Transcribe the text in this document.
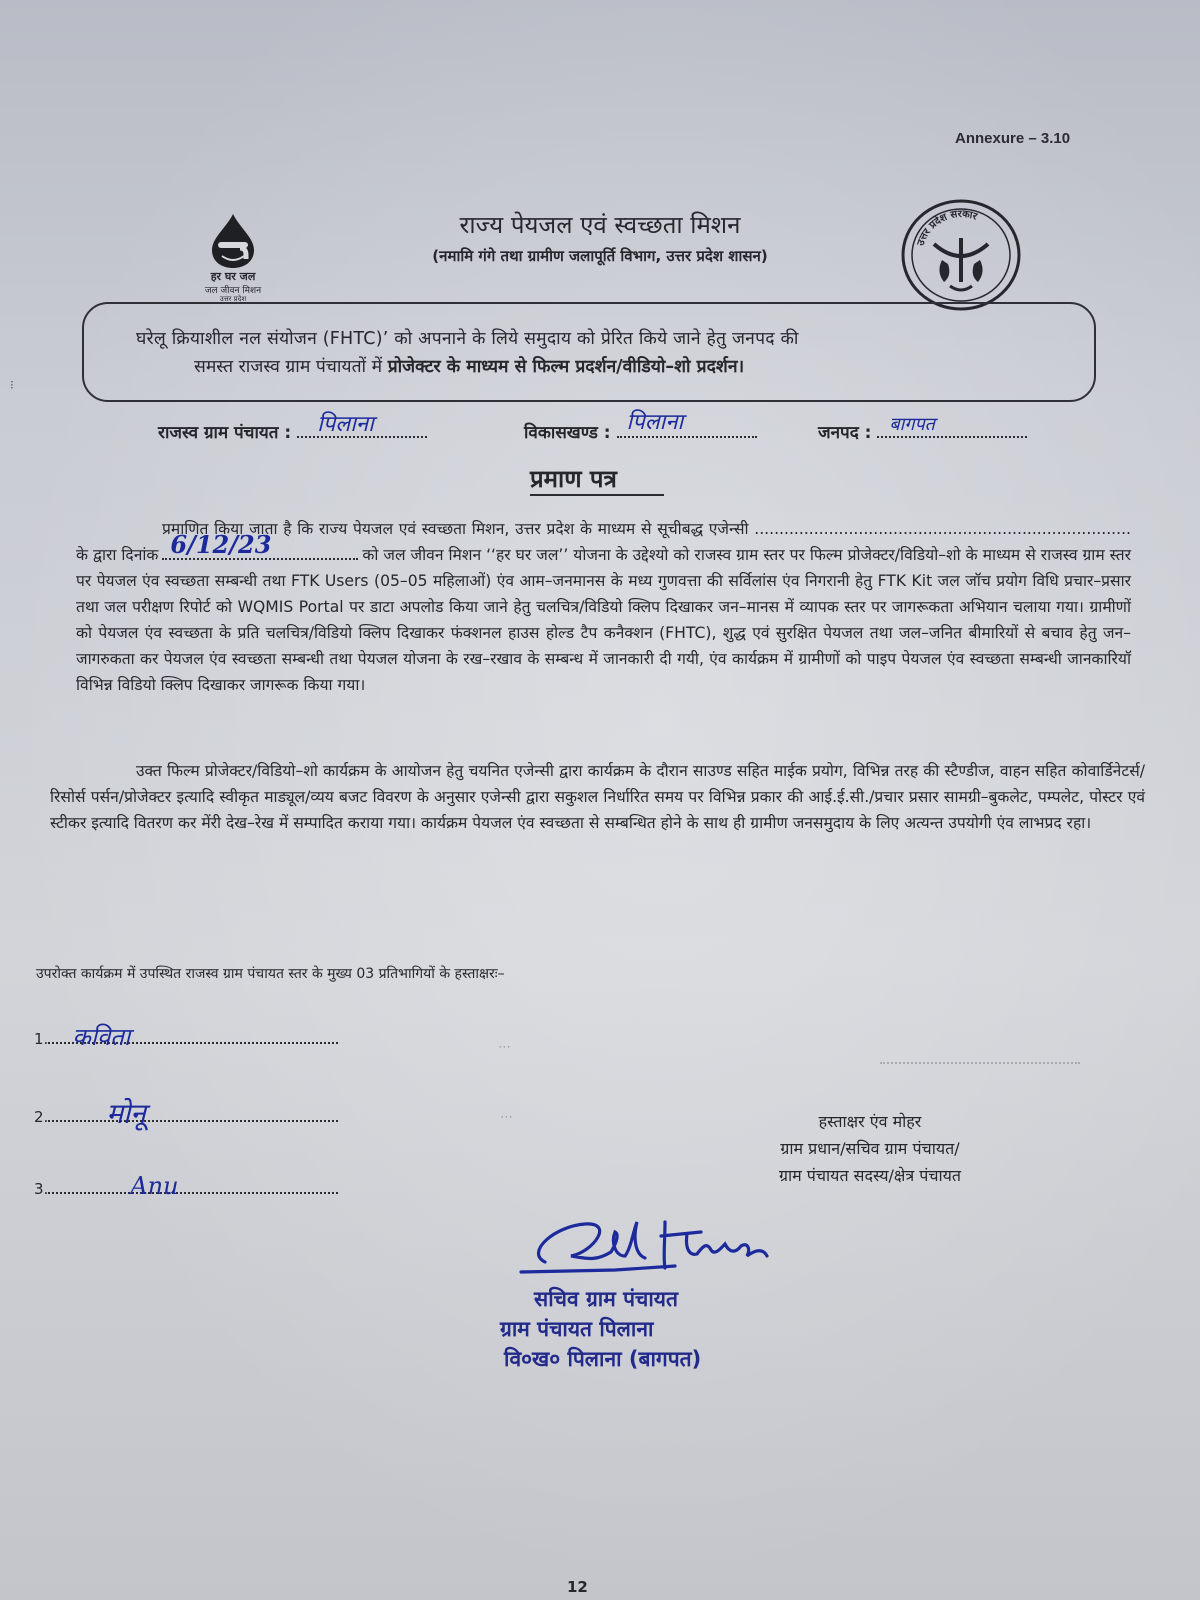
⁝
Annexure – 3.10
हर घर जल
जल जीवन मिशन
उत्तर प्रदेश
उत्तर प्रदेश सरकार
राज्य पेयजल एवं स्वच्छता मिशन
(नमामि गंगे तथा ग्रामीण जलापूर्ति विभाग, उत्तर प्रदेश शासन)
घरेलू क्रियाशील नल संयोजन (FHTC)’ को अपनाने के लिये समुदाय को प्रेरित किये जाने हेतु जनपद की
समस्त राजस्व ग्राम पंचायतों में प्रोजेक्टर के माध्यम से फिल्म प्रदर्शन/वीडियो–शो प्रदर्शन।
राजस्व ग्राम पंचायत : पिलाना	विकासखण्ड : पिलाना	जनपद : बागपत
प्रमाण पत्र
प्रमाणित किया जाता है कि राज्य पेयजल एवं स्वच्छता मिशन, उत्तर प्रदेश के माध्यम से सूचीबद्ध एजेन्सी ............................................................................ के द्वारा दिनांक 6/12/23	को जल जीवन मिशन ‘‘हर घर जल’’ योजना के उद्देश्यो को राजस्व ग्राम स्तर पर फिल्म प्रोजेक्टर/विडियो–शो के माध्यम से राजस्व ग्राम स्तर पर पेयजल एंव स्वच्छता सम्बन्धी तथा FTK Users (05–05 महिलाओं) एंव आम–जनमानस के मध्य गुणवत्ता की सर्विलांस एंव निगरानी हेतु FTK Kit जल जॉच प्रयोग विधि प्रचार–प्रसार तथा जल परीक्षण रिपोर्ट को WQMIS Portal पर डाटा अपलोड किया जाने हेतु चलचित्र/विडियो क्लिप दिखाकर जन–मानस में व्यापक स्तर पर जागरूकता अभियान चलाया गया। ग्रामीणों को पेयजल एंव स्वच्छता के प्रति चलचित्र/विडियो क्लिप दिखाकर फंक्शनल हाउस होल्ड टैप कनैक्शन (FHTC), शुद्ध एवं सुरक्षित पेयजल तथा जल–जनित बीमारियों से बचाव हेतु जन–जागरुकता कर पेयजल एंव स्वच्छता सम्बन्धी तथा पेयजल योजना के रख–रखाव के सम्बन्ध में जानकारी दी गयी, एंव कार्यक्रम में ग्रामीणों को पाइप पेयजल एंव स्वच्छता सम्बन्धी जानकारियॉ विभिन्न विडियो क्लिप दिखाकर जागरूक किया गया।
उक्त फिल्म प्रोजेक्टर/विडियो–शो कार्यक्रम के आयोजन हेतु चयनित एजेन्सी द्वारा कार्यक्रम के दौरान साउण्ड सहित माईक प्रयोग, विभिन्न तरह की स्टैण्डीज, वाहन सहित कोवार्डिनेटर्स/रिसोर्स पर्सन/प्रोजेक्टर इत्यादि स्वीकृत माड्यूल/व्यय बजट विवरण के अनुसार एजेन्सी द्वारा सकुशल निर्धारित समय पर विभिन्न प्रकार की आई.ई.सी./प्रचार प्रसार सामग्री–बुकलेट, पम्पलेट, पोस्टर एवं स्टीकर इत्यादि वितरण कर मेंरी देख–रेख में सम्पादित कराया गया। कार्यक्रम पेयजल एंव स्वच्छता से सम्बन्धित होने के साथ ही ग्रामीण जनसमुदाय के लिए अत्यन्त उपयोगी एंव लाभप्रद रहा।
उपरोक्त कार्यक्रम में उपस्थित राजस्व ग्राम पंचायत स्तर के मुख्य 03 प्रतिभागियों के हस्ताक्षरः–
1. कविता
2. मोनू
3.	Anu
⋯
⋯	हस्ताक्षर एंव मोहर
ग्राम प्रधान/सचिव ग्राम पंचायत/
ग्राम पंचायत सदस्य/क्षेत्र पंचायत
सचिव ग्राम पंचायत
ग्राम पंचायत पिलाना
वि०ख० पिलाना (बागपत)
12
